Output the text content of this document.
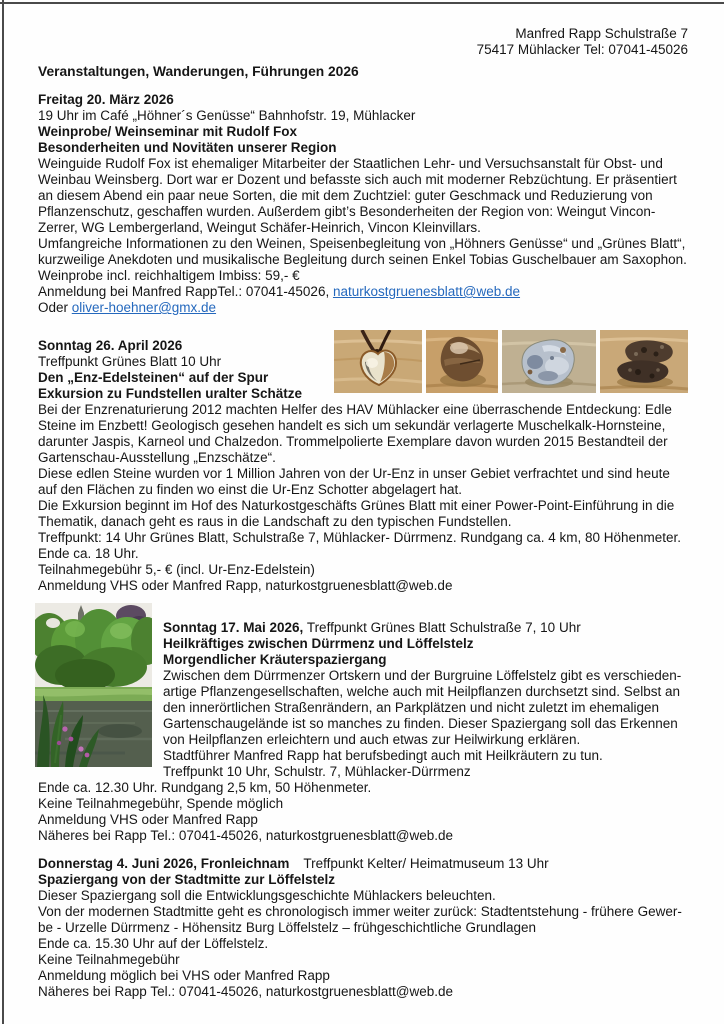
Manfred Rapp Schulstraße 7
75417 Mühlacker Tel: 07041-45026
Veranstaltungen, Wanderungen, Führungen 2026
Freitag 20. März 2026
19 Uhr im Café „Höhner´s Genüsse“ Bahnhofstr. 19, Mühlacker
Weinprobe/ Weinseminar mit Rudolf Fox
Besonderheiten und Novitäten unserer Region
Weinguide Rudolf Fox ist ehemaliger Mitarbeiter der Staatlichen Lehr- und Versuchsanstalt für Obst- und
Weinbau Weinsberg. Dort war er Dozent und befasste sich auch mit moderner Rebzüchtung. Er präsentiert
an diesem Abend ein paar neue Sorten, die mit dem Zuchtziel: guter Geschmack und Reduzierung von
Pflanzenschutz, geschaffen wurden. Außerdem gibt’s Besonderheiten der Region von: Weingut Vincon-
Zerrer, WG Lembergerland, Weingut Schäfer-Heinrich, Vincon Kleinvillars.
Umfangreiche Informationen zu den Weinen, Speisenbegleitung von „Höhners Genüsse“ und „Grünes Blatt“,
kurzweilige Anekdoten und musikalische Begleitung durch seinen Enkel Tobias Guschelbauer am Saxophon.
Weinprobe incl. reichhaltigem Imbiss: 59,- €
Anmeldung bei Manfred RappTel.: 07041-45026, naturkostgruenesblatt@web.de
Oder oliver-hoehner@gmx.de
Sonntag 26. April 2026
Treffpunkt Grünes Blatt 10 Uhr
Den „Enz-Edelsteinen“ auf der Spur
Exkursion zu Fundstellen uralter Schätze
Bei der Enzrenaturierung 2012 machten Helfer des HAV Mühlacker eine überraschende Entdeckung: Edle
Steine im Enzbett! Geologisch gesehen handelt es sich um sekundär verlagerte Muschelkalk-Hornsteine,
darunter Jaspis, Karneol und Chalzedon. Trommelpolierte Exemplare davon wurden 2015 Bestandteil der
Gartenschau-Ausstellung „Enzschätze“.
Diese edlen Steine wurden vor 1 Million Jahren von der Ur-Enz in unser Gebiet verfrachtet und sind heute
auf den Flächen zu finden wo einst die Ur-Enz Schotter abgelagert hat.
Die Exkursion beginnt im Hof des Naturkostgeschäfts Grünes Blatt mit einer Power-Point-Einführung in die
Thematik, danach geht es raus in die Landschaft zu den typischen Fundstellen.
Treffpunkt: 14 Uhr Grünes Blatt, Schulstraße 7, Mühlacker- Dürrmenz. Rundgang ca. 4 km, 80 Höhenmeter.
Ende ca. 18 Uhr.
Teilnahmegebühr 5,- € (incl. Ur-Enz-Edelstein)
Anmeldung VHS oder Manfred Rapp, naturkostgruenesblatt@web.de
Sonntag 17. Mai 2026, Treffpunkt Grünes Blatt Schulstraße 7, 10 Uhr
Heilkräftiges zwischen Dürrmenz und Löffelstelz
Morgendlicher Kräuterspaziergang
Zwischen dem Dürrmenzer Ortskern und der Burgruine Löffelstelz gibt es verschieden-
artige Pflanzengesellschaften, welche auch mit Heilpflanzen durchsetzt sind. Selbst an
den innerörtlichen Straßenrändern, an Parkplätzen und nicht zuletzt im ehemaligen
Gartenschaugelände ist so manches zu finden. Dieser Spaziergang soll das Erkennen
von Heilpflanzen erleichtern und auch etwas zur Heilwirkung erklären.
Stadtführer Manfred Rapp hat berufsbedingt auch mit Heilkräutern zu tun.
Treffpunkt 10 Uhr, Schulstr. 7, Mühlacker-Dürrmenz
Ende ca. 12.30 Uhr. Rundgang 2,5 km, 50 Höhenmeter.
Keine Teilnahmegebühr, Spende möglich
Anmeldung VHS oder Manfred Rapp
Näheres bei Rapp Tel.: 07041-45026, naturkostgruenesblatt@web.de
Donnerstag 4. Juni 2026, Fronleichnam Treffpunkt Kelter/ Heimatmuseum 13 Uhr
Spaziergang von der Stadtmitte zur Löffelstelz
Dieser Spaziergang soll die Entwicklungsgeschichte Mühlackers beleuchten.
Von der modernen Stadtmitte geht es chronologisch immer weiter zurück: Stadtentstehung - frühere Gewer-
be - Urzelle Dürrmenz - Höhensitz Burg Löffelstelz – frühgeschichtliche Grundlagen
Ende ca. 15.30 Uhr auf der Löffelstelz.
Keine Teilnahmegebühr
Anmeldung möglich bei VHS oder Manfred Rapp
Näheres bei Rapp Tel.: 07041-45026, naturkostgruenesblatt@web.de
